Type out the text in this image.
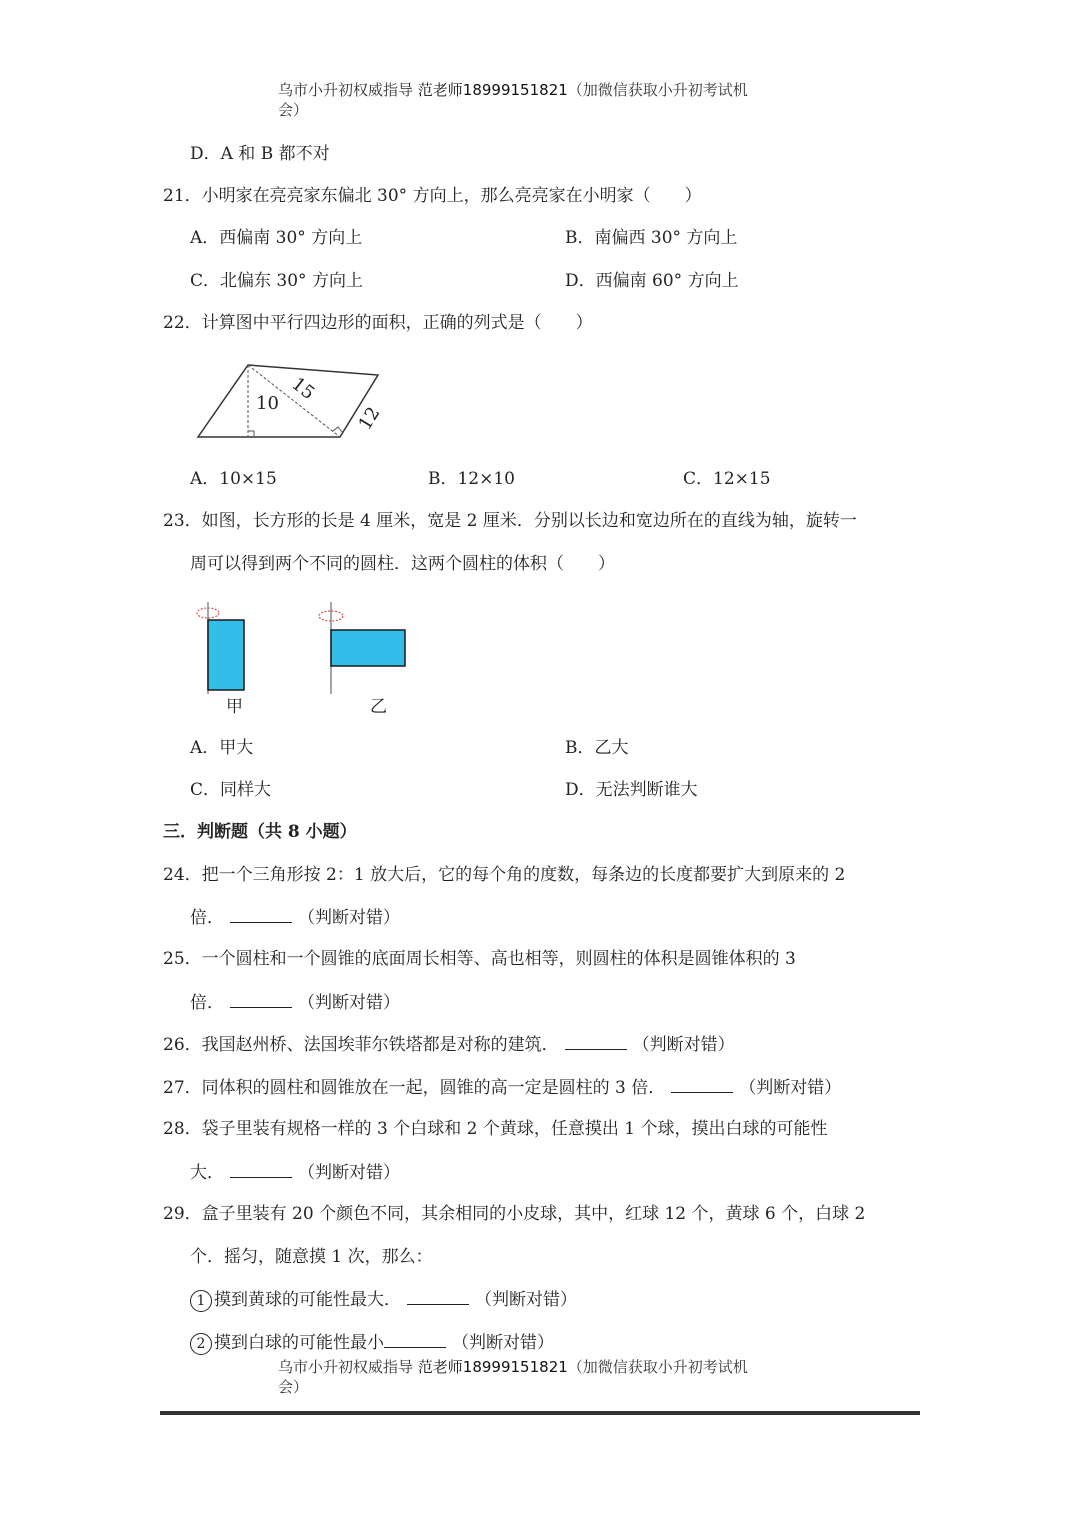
乌市小升初权威指导 范老师18999151821（加微信获取小升初考试机
会）
D．A 和 B 都不对
21．小明家在亮亮家东偏北 30° 方向上，那么亮亮家在小明家（　　）
A．西偏南 30° 方向上	B．南偏西 30° 方向上
C．北偏东 30° 方向上	D．西偏南 60° 方向上
22．计算图中平行四边形的面积，正确的列式是（　　）
10 15
12
A．10×15	B．12×10	C．12×15
23．如图，长方形的长是 4 厘米，宽是 2 厘米．分别以长边和宽边所在的直线为轴，旋转一
周可以得到两个不同的圆柱．这两个圆柱的体积（　　）
甲	乙
A．甲大	B．乙大
C．同样大	D．无法判断谁大
三．判断题（共 8 小题）
24．把一个三角形按 2：1 放大后，它的每个角的度数，每条边的长度都要扩大到原来的 2
倍．	（判断对错）
25．一个圆柱和一个圆锥的底面周长相等、高也相等，则圆柱的体积是圆锥体积的 3
倍．	（判断对错）
26．我国赵州桥、法国埃菲尔铁塔都是对称的建筑．	（判断对错）
27．同体积的圆柱和圆锥放在一起，圆锥的高一定是圆柱的 3 倍．	（判断对错）
28．袋子里装有规格一样的 3 个白球和 2 个黄球，任意摸出 1 个球，摸出白球的可能性
大．	（判断对错）
29．盒子里装有 20 个颜色不同，其余相同的小皮球，其中，红球 12 个，黄球 6 个，白球 2
个．摇匀，随意摸 1 次，那么：
1 摸到黄球的可能性最大．	（判断对错）
2 摸到白球的可能性最小	（判断对错）
乌市小升初权威指导 范老师18999151821（加微信获取小升初考试机
会）
